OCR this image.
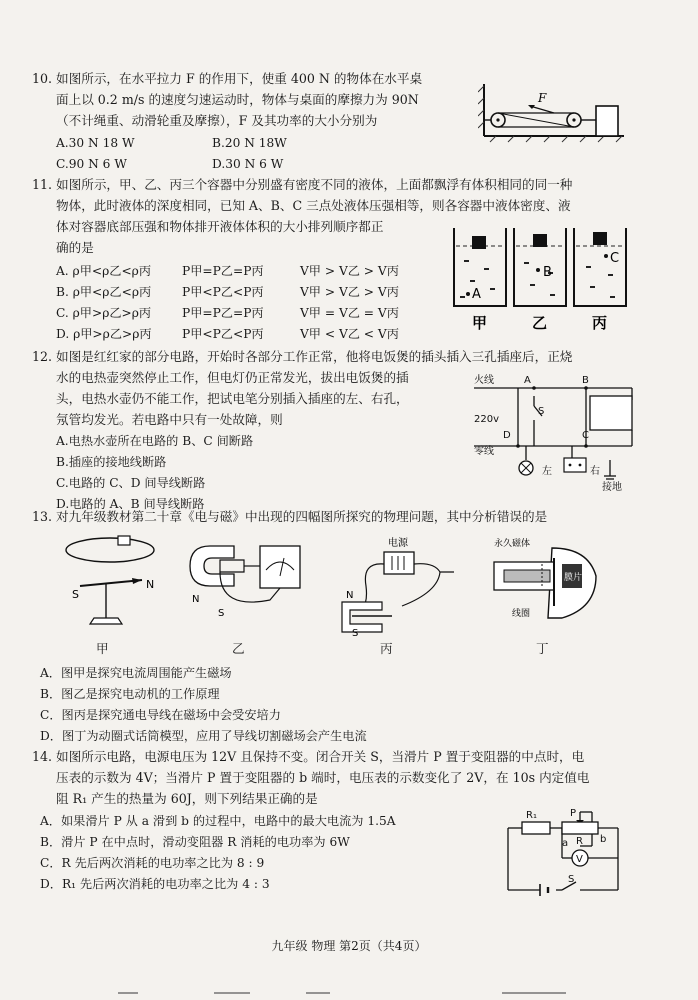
10. 如图所示，在水平拉力 F 的作用下，使重 400 N 的物体在水平桌
面上以 0.2 m/s 的速度匀速运动时，物体与桌面的摩擦力为 90N
（不计绳重、动滑轮重及摩擦），F 及其功率的大小分别为
A.30 N 18 W	B.20 N 18W
C.90 N 6 W	D.30 N 6 W
F
11. 如图所示，甲、乙、丙三个容器中分别盛有密度不同的液体，上面都飘浮有体积相同的同一种
物体，此时液体的深度相同，已知 A、B、C 三点处液体压强相等，则各容器中液体密度、液
体对容器底部压强和物体排开液体体积的大小排列顺序都正
确的是
A. ρ甲<ρ乙<ρ丙	P甲=P乙=P丙	V甲 > V乙 > V丙
B. ρ甲<ρ乙<ρ丙	P甲<P乙<P丙	V甲 > V乙 > V丙
C. ρ甲>ρ乙>ρ丙	P甲=P乙=P丙	V甲 = V乙 = V丙
D. ρ甲>ρ乙>ρ丙 P甲<P乙<P丙	V甲 < V乙 < V丙
A
B
C
甲	乙	丙
12. 如图是红红家的部分电路，开始时各部分工作正常，他将电饭煲的插头插入三孔插座后，正烧
水的电热壶突然停止工作，但电灯仍正常发光，拔出电饭煲的插
头，电热水壶仍不能工作，把试电笔分别插入插座的左、右孔，
氖管均发光。若电路中只有一处故障，则
A.电热水壶所在电路的 B、C 间断路
B.插座的接地线断路
C.电路的 C、D 间导线断路
D.电路的 A、B 间导线断路
火线
220v
零线
A	B
C
D
S
左	右
接地
13. 对九年级教材第二十章《电与磁》中出现的四幅图所探究的物理问题，其中分析错误的是
S
N
N
S
电源
N
S
永久磁体
膜片
线圈
甲	乙	丙	丁
A．图甲是探究电流周围能产生磁场
B．图乙是探究电动机的工作原理
C．图丙是探究通电导线在磁场中会受安培力
D．图丁为动圈式话筒模型，应用了导线切割磁场会产生电流
14. 如图所示电路，电源电压为 12V 且保持不变。闭合开关 S，当滑片 P 置于变阻器的中点时，电
压表的示数为 4V；当滑片 P 置于变阻器的 b 端时，电压表的示数变化了 2V，在 10s 内定值电
阻 R₁ 产生的热量为 60J，则下列结果正确的是
A．如果滑片 P 从 a 滑到 b 的过程中，电路中的最大电流为 1.5A
B．滑片 P 在中点时，滑动变阻器 R 消耗的电功率为 6W
C．R 先后两次消耗的电功率之比为 8 : 9
D．R₁ 先后两次消耗的电功率之比为 4 : 3
R₁	P
R
a	b
V
S
九年级 物理 第2页（共4页）
